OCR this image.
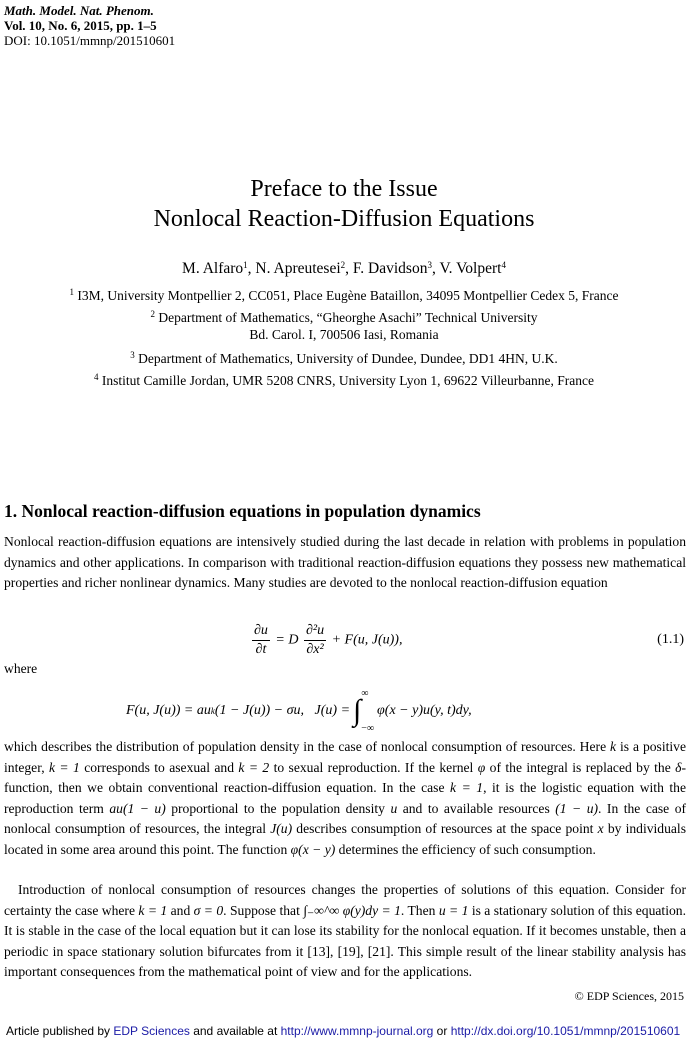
Math. Model. Nat. Phenom.
Vol. 10, No. 6, 2015, pp. 1–5
DOI: 10.1051/mmnp/201510601
Preface to the Issue
Nonlocal Reaction-Diffusion Equations
M. Alfaro$^1$, N. Apreutesei$^2$, F. Davidson$^3$, V. Volpert$^4$
$^1$ I3M, University Montpellier 2, CC051, Place Eugène Bataillon, 34095 Montpellier Cedex 5, France
$^2$ Department of Mathematics, “Gheorghe Asachi” Technical University
Bd. Carol. I, 700506 Iasi, Romania
$^3$ Department of Mathematics, University of Dundee, Dundee, DD1 4HN, U.K.
$^4$ Institut Camille Jordan, UMR 5208 CNRS, University Lyon 1, 69622 Villeurbanne, France
1. Nonlocal reaction-diffusion equations in population dynamics
Nonlocal reaction-diffusion equations are intensively studied during the last decade in relation with problems in population dynamics and other applications. In comparison with traditional reaction-diffusion equations they possess new mathematical properties and richer nonlinear dynamics. Many studies are devoted to the nonlocal reaction-diffusion equation
$\frac{\partial u}{\partial t} = D \frac{\text{∂²u}}{\text{∂x²}} + F(u$, J(u)),	(1.1)
where
F(u, J(u)) = au k (1 − J(u)) − σu,   J(u) = ∫
∞
−∞
φ(x − y)u(y, t)dy,
which describes the distribution of population density in the case of nonlocal consumption of resources. Here k is a positive integer, k = 1 corresponds to asexual and k = 2 to sexual reproduction. If the kernel φ of the integral is replaced by the δ-function, then we obtain conventional reaction-diffusion equation. In the case k = 1, it is the logistic equation with the reproduction term au(1 − u) proportional to the population density u and to available resources (1 − u). In the case of nonlocal consumption of resources, the integral J(u) describes consumption of resources at the space point x by individuals located in some area around this point. The function φ(x − y) determines the efficiency of such consumption.
Introduction of nonlocal consumption of resources changes the properties of solutions of this equation. Consider for certainty the case where k = 1 and σ = 0. Suppose that ∫₋∞^∞ φ(y)dy = 1. Then u = 1 is a stationary solution of this equation. It is stable in the case of the local equation but it can lose its stability for the nonlocal equation. If it becomes unstable, then a periodic in space stationary solution bifurcates from it [13], [19], [21]. This simple result of the linear stability analysis has important consequences from the mathematical point of view and for the applications.
© EDP Sciences, 2015
Article published by EDP Sciences and available at http://www.mmnp-journal.org or http://dx.doi.org/10.1051/mmnp/201510601
